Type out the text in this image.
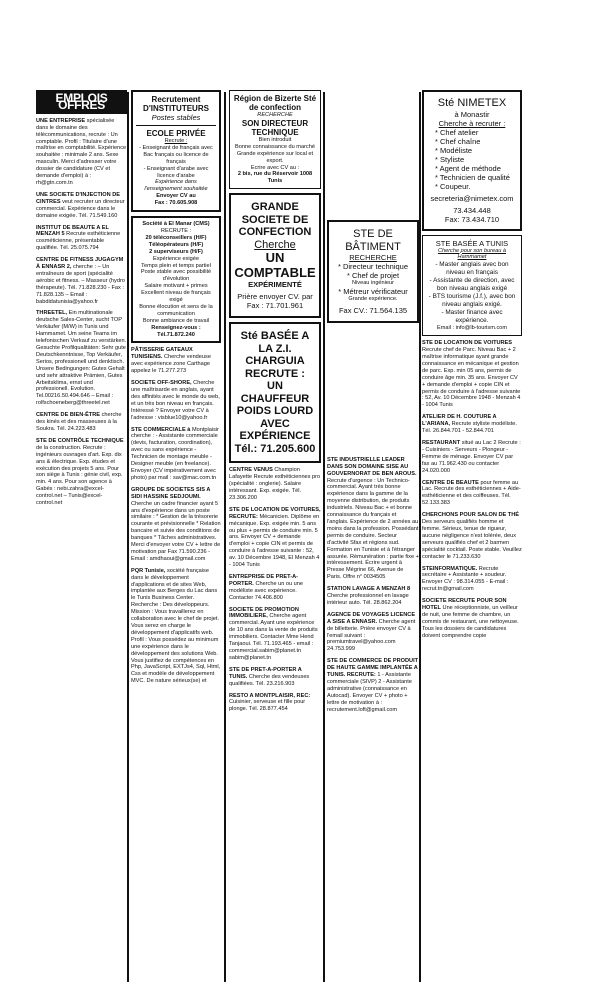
EMPLOIS OFFRES

UNE ENTREPRISE spécialisée dans le domaine des télécommunications, recrute : Un comptable. Profil : Titulaire d'une maîtrise en comptabilité. Expérience souhaitée : minimale 2 ans. Sexe masculin. Merci d'adresser votre dossier de candidature (CV et demande d'emploi) à : rh@gtn.com.tn

UNE SOCIETE D'INJECTION DE CINTRES veut recruter un directeur commercial. Expérience dans le domaine exigée. Tél. 71.549.160

INSTITUT DE BEAUTE A EL MENZAH 5 Recrute esthéticienne cosméticienne, présentable qualifiée. Tél. 25.075.794

CENTRE DE FITNESS JUGAGYM À ENNASR 2, cherche : – Un entraîneurs de sport (spécialité aérobic et fitness. – Masseur (hydro thérapeute). Tél. 71.828.230 - Fax : 71.828.135 – Email : babdidatunisia@yahoo.fr

THREETEL, Ein multinationale deutsche Sales-Center, sucht TOP Verkäufer (M/W) in Tunis und Hammamet. Um seine Teams im telefonischen Verkauf zu verstärken. Gesuchte Profilqualitäten: Sehr gute Deutschkenntnisse, Top Verkäufer, Serios, professionell und denktisch. Unsere Bedingungen: Gutes Gehalt und sehr attraktive Prämien, Gutes Arbeitsklima, ernst und professionell. Evolution. Tel.00216.50.494.646 – Email : rolfschoeneberg@threetel.net

CENTRE DE BIEN-ÊTRE cherche des kinés et des masseuses à la Soukra. Tél. 24.223.483

STE DE CONTRÔLE TECHNIQUE de la construction. Recrute : ingénieurs ouvrages d'art. Exp. dix ans & électrique. Exp. études et exécution des projets 5 ans. Pour son siège à Tunis : génie civil, exp. min. 4 ans. Pour son agence à Gabès : nebi.zahra@excel-control.net – Tunis@excel-control.net

Recrutement D'INSTITUTEURS
Postes stables
ECOLE PRIVÉE
Recrute :
- Enseignant de français avec Bac français ou licence de français
- Enseignant d'arabe avec licence d'arabe
Expérience dans l'enseignement souhaitée
Envoyer CV au
Fax : 70.605.908
Société à El Manar (CMS)
RECRUTE :
20 téléconseillers (H/F)
Téléopérateurs (H/F)
2 superviseurs (H/F)
Expérience exigée
Temps plein et temps partiel
Poste stable avec possibilité d'évolution
Salaire motivant + primes
Excellent niveau de français exigé
Bonne élocution et sens de la communication
Bonne ambiance de travail
Renseignez-vous : Tél.71.872.240

PÂTISSERIE GATEAUX TUNISIENS. Cherche vendeuse avec expérience zone Carthage appelez le 71.277.273

SOCIETE OFF-SHORE, Cherche une maîtrisarde en anglais, ayant des affinités avec le monde du web, et un très bon niveau en français. Intéressé ? Envoyer votre CV à l'adresse : visblue10@yahoo.fr

STE COMMERCIALE à Montplaisir cherche : - Assistante commerciale (devis, facturation, coordination), avec ou sans expérience - Technicien de montage meuble - Designer meuble (en freelance). Envoyer (CV impérativement avec photo) par mail : sav@mac.com.tn

GROUPE DE SOCIETES SIS A SIDI HASSINE SEDJOUMI. Cherche un cadre financier ayant 5 ans d'expérience dans un poste similaire : * Gestion de la trésorerie courante et prévisionnelle * Relation bancaire et suivie des conditions de banques * Tâches administratives. Merci d'envoyer votre CV + lettre de motivation par Fax 71.590.236 - Email : amdhaoui@gmail.com

PQR Tunisie, société française dans le développement d'applications et de sites Web, implantée aux Berges du Lac dans le Tunis Business Center. Recherche : Des développeurs. Mission : Vous travaillerez en collaboration avec le chef de projet. Vous serez en charge le développement d'applicatifs web. Profil : Vous possédez au minimum une expérience dans le développement des solutions Web. Vous justifiez de compétences en Php, JavaScript, EXTJs4, Sql, Html, Css et modèle de développement MVC. De nature sérieux(se) et

Région de Bizerte Sté de confection
RECHERCHE
SON DIRECTEUR TECHNIQUE
Bien introduit
Bonne connaissance du marché
Grande expérience sur local et export.
Ecrire avec CV au :
2 bis, rue du Réservoir 1008 Tunis
GRANDE SOCIETE DE CONFECTION
Cherche
UN COMPTABLE
EXPÉRIMENTÉ
Prière envoyer CV. par
Fax : 71.701.961
Sté BASÉE A LA Z.I. CHARGUIA
RECRUTE :
UN CHAUFFEUR POIDS LOURD AVEC EXPÉRIENCE
Tél.: 71.205.600

CENTRE VENUS Champion Lafayette Recrute esthéticiennes pro (spécialité : onglerie). Salaire intéressant. Exp. exigée. Tél. 23.306.200

STE DE LOCATION DE VOITURES, RECRUTE: Mécanicien. Diplôme en mécanique. Exp. exigée min. 5 ans ou plus + permis de conduire min. 5 ans. Envoyer CV + demande d'emploi + copie CIN et permis de conduire à l'adresse suivante : 52, av. 10 Décembre 1948, El Menzah 4 - 1004 Tunis

ENTREPRISE DE PRET-A-PORTER. Cherche un ou une modéliste avec expérience. Contacter 74.406.800

SOCIETE DE PROMOTION IMMOBILIERE, Cherche agent commercial. Ayant une expérience de 10 ans dans la vente de produits immobiliers. Contacter Mme Hend Tanjaoui. Tél. 71.193.465 - email : commercial.sabim@planet.tn sabim@planet.tn

STE DE PRET-A-PORTER A TUNIS. Cherche des vendeuses qualifiées. Tél. 23.216.903

RESTO A MONTPLAISIR, REC: Cuisinier, serveuse et fille pour plonge. Tél. 28.877.454

STE DE BÂTIMENT
RECHERCHE
* Directeur technique
* Chef de projet
Niveau ingénieur
* Métreur vérificateur
Grande expérience.
Fax CV.: 71.564.135

STE INDUSTRIELLE LEADER DANS SON DOMAINE SISE AU GOUVERNORAT DE BEN AROUS. Recrute d'urgence : Un Technico-commercial. Ayant très bonne expérience dans la gamme de la moyenne distribution, de produits industriels. Niveau Bac + et bonne connaissance du français et l'anglais. Expérience de 2 années au moins dans la profession. Possédant permis de conduire. Secteur d'activité Sfax et régions sud. Formation en Tunisie et à l'étranger assurée. Rémunération : partie fixe + intéressement. Écrire urgent à Presse Mégrine 66, Avenue de Paris. Offre n° 0034505

STATION LAVAGE A MENZAH 8 Cherche professionnel en lavage intérieur auto. Tél. 28.862.204

AGENCE DE VOYAGES LICENCE A SISE A ENNASR. Cherche agent de billetterie. Prière envoyer CV à l'email suivant : premiumtravel@yahoo.com 24.753.999

STE DE COMMERCE DE PRODUIT DE HAUTE GAMME IMPLANTÉE A TUNIS. RECRUTE: 1 - Assistante commerciale (SIVP) 2 - Assistante administrative (connaissance en Autocad). Envoyer CV + photo + lettre de motivation à : recrutement.loft@gmail.com

Sté NIMETEX
à Monastir
Cherche à recruter :
* Chef atelier
* Chef chaîne
* Modéliste
* Styliste
* Agent de méthode
* Technicien de qualité
* Coupeur.
secreteria@nimetex.com
73.434.448
Fax: 73.434.710
STE BASÉE A TUNIS
Cherche pour son bureau à Hammamet
- Master anglais avec bon niveau en français
- Assistante de direction, avec bon niveau anglais exigé
- BTS tourisme (J.f.), avec bon niveau anglais exigé.
- Master finance avec expérience.
Email : info@lb-tourism.com

STE DE LOCATION DE VOITURES Recrute chef de Parc. Niveau Bac + 2 maîtrise informatique ayant grande connaissance en mécanique et gestion de parc. Exp. min 05 ans, permis de conduire âge min. 35 ans. Envoyer CV + demande d'emploi + copie CIN et permis de conduire à l'adresse suivante : 52, Av. 10 Décembre 1948 - Menzah 4 - 1004 Tunis

ATELIER DE H. COUTURE A L'ARIANA, Recrute styliste modéliste. Tél. 26.844.701 - 52.844.701

RESTAURANT situé au Lac 2 Recrute : - Cuisiniers - Serveurs - Plongeur - Femme de ménage. Envoyer CV par fax au 71.962.430 ou contacter 24.020.000

CENTRE DE BEAUTE pour femme au Lac. Recrute des esthéticiennes + Aide-esthéticienne et des coiffeuses. Tél. 52.133.383

CHERCHONS POUR SALON DE THÉ Des serveurs qualifiés homme et femme. Sérieux, tenue de rigueur, aucune négligence n'est tolérée, deux serveurs qualifiés chef et 2 barmen spécialité cocktail. Poste stable. Veuillez contacter le 71.233.630

STEINFORMATIQUE. Recrute secrétaire + Assistante + soudeur. Envoyer CV : 98.314.055 - E-mail : recrut.tn@gmail.com

SOCIETE RECRUTE POUR SON HOTEL Une réceptionniste, un veilleur de nuit, une femme de chambre, un commis de restaurant, une nettoyeuse. Tous les dossiers de candidatures doivent comprendre copie
